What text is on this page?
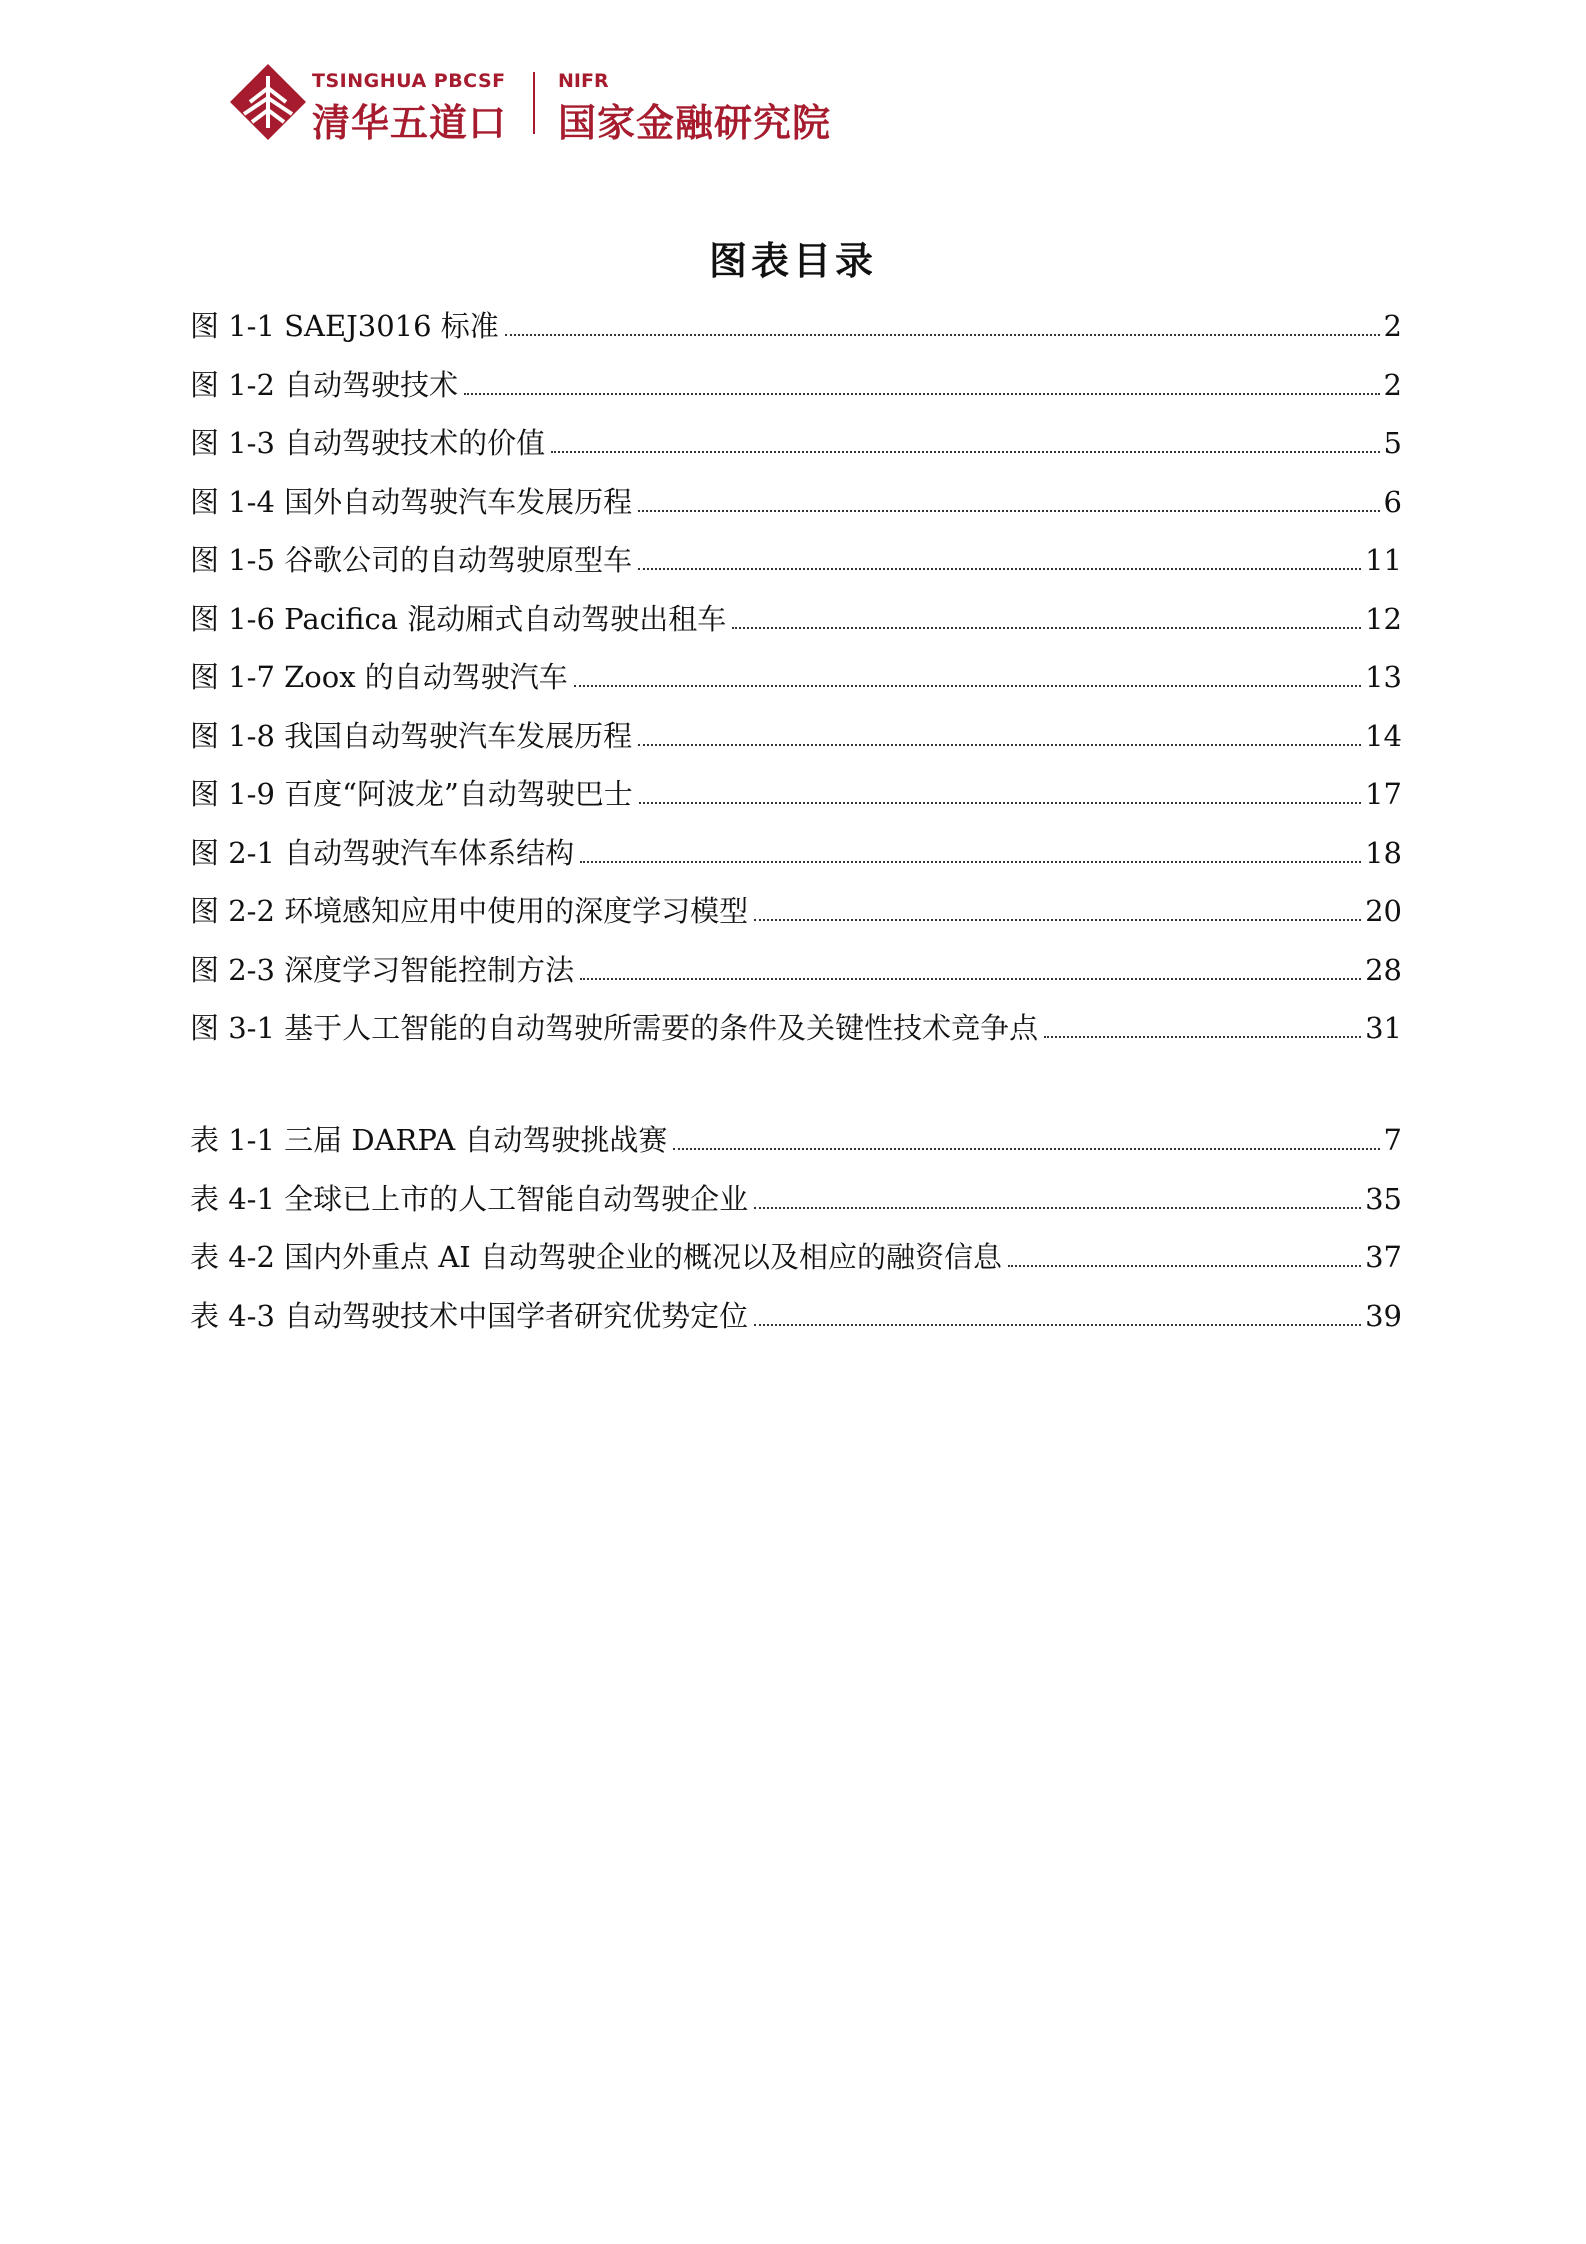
TSINGHUA PBCSF
清华五道口
NIFR
国家金融研究院
图表目录
图 1-1 SAEJ3016 标准	2
图 1-2 自动驾驶技术	2
图 1-3 自动驾驶技术的价值	5
图 1-4 国外自动驾驶汽车发展历程	6
图 1-5 谷歌公司的自动驾驶原型车	11
图 1-6 Pacifica 混动厢式自动驾驶出租车	12
图 1-7 Zoox 的自动驾驶汽车	13
图 1-8 我国自动驾驶汽车发展历程	14
图 1-9 百度“阿波龙”自动驾驶巴士	17
图 2-1 自动驾驶汽车体系结构	18
图 2-2 环境感知应用中使用的深度学习模型	20
图 2-3 深度学习智能控制方法	28
图 3-1 基于人工智能的自动驾驶所需要的条件及关键性技术竞争点	31
表 1-1 三届 DARPA 自动驾驶挑战赛	7
表 4-1 全球已上市的人工智能自动驾驶企业	35
表 4-2 国内外重点 AI 自动驾驶企业的概况以及相应的融资信息	37
表 4-3 自动驾驶技术中国学者研究优势定位	39
